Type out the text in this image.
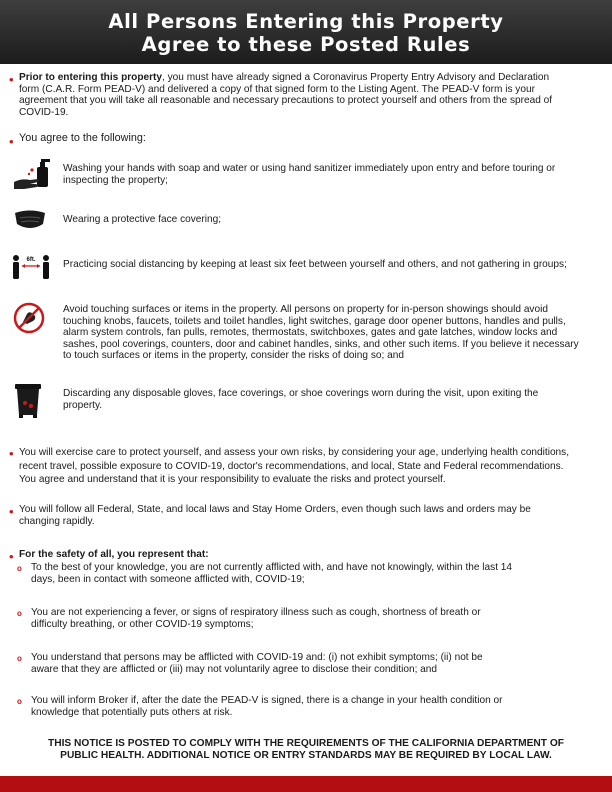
All Persons Entering this Property
Agree to these Posted Rules
• Prior to entering this property, you must have already signed a Coronavirus Property Entry Advisory and Declaration
form (C.A.R. Form PEAD-V) and delivered a copy of that signed form to the Listing Agent. The PEAD-V form is your
agreement that you will take all reasonable and necessary precautions to protect yourself and others from the spread of
COVID-19.
• You agree to the following:
Washing your hands with soap and water or using hand sanitizer immediately upon entry and before touring or
inspecting the property;
Wearing a protective face covering;
6ft.	Practicing social distancing by keeping at least six feet between yourself and others, and not gathering in groups;
Avoid touching surfaces or items in the property. All persons on property for in-person showings should avoid
touching knobs, faucets, toilets and toilet handles, light switches, garage door opener buttons, handles and pulls,
alarm system controls, fan pulls, remotes, thermostats, switchboxes, gates and gate latches, window locks and
sashes, pool coverings, counters, door and cabinet handles, sinks, and other such items. If you believe it necessary
to touch surfaces or items in the property, consider the risks of doing so; and
Discarding any disposable gloves, face coverings, or shoe coverings worn during the visit, upon exiting the
property.
• You will exercise care to protect yourself, and assess your own risks, by considering your age, underlying health conditions,
recent travel, possible exposure to COVID-19, doctor's recommendations, and local, State and Federal recommendations.
You agree and understand that it is your responsibility to evaluate the risks and protect yourself.
• You will follow all Federal, State, and local laws and Stay Home Orders, even though such laws and orders may be
changing rapidly.
• For the safety of all, you represent that:
o To the best of your knowledge, you are not currently afflicted with, and have not knowingly, within the last 14
days, been in contact with someone afflicted with, COVID-19;
o You are not experiencing a fever, or signs of respiratory illness such as cough, shortness of breath or
difficulty breathing, or other COVID-19 symptoms;
o You understand that persons may be afflicted with COVID-19 and: (i) not exhibit symptoms; (ii) not be
aware that they are afflicted or (iii) may not voluntarily agree to disclose their condition; and
o You will inform Broker if, after the date the PEAD-V is signed, there is a change in your health condition or
knowledge that potentially puts others at risk.
THIS NOTICE IS POSTED TO COMPLY WITH THE REQUIREMENTS OF THE CALIFORNIA DEPARTMENT OF
PUBLIC HEALTH. ADDITIONAL NOTICE OR ENTRY STANDARDS MAY BE REQUIRED BY LOCAL LAW.
